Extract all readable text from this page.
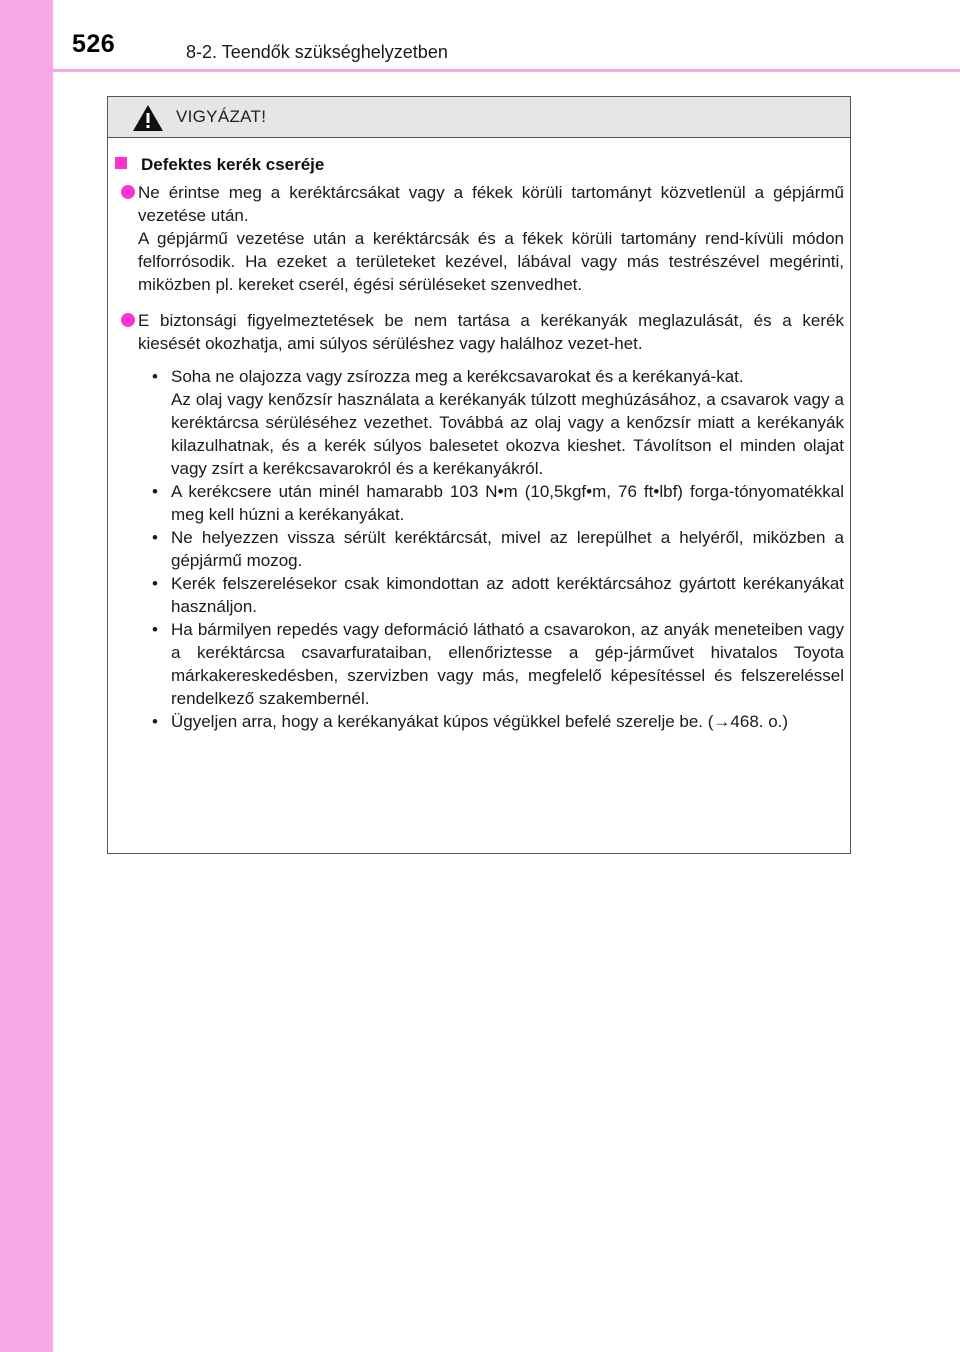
526	8-2. Teendők szükséghelyzetben
VIGYÁZAT!
Defektes kerék cseréje

Ne érintse meg a keréktárcsákat vagy a fékek körüli tartományt közvetlenül a gépjármű vezetése után.

A gépjármű vezetése után a keréktárcsák és a fékek körüli tartomány rend-kívüli módon felforrósodik. Ha ezeket a területeket kezével, lábával vagy más testrészével megérinti, miközben pl. kereket cserél, égési sérüléseket szenvedhet.

E biztonsági figyelmeztetések be nem tartása a kerékanyák meglazulását, és a kerék kiesését okozhatja, ami súlyos sérüléshez vagy halálhoz vezet-het.

• Soha ne olajozza vagy zsírozza meg a kerékcsavarokat és a kerékanyá-kat.

Az olaj vagy kenőzsír használata a kerékanyák túlzott meghúzásához, a csavarok vagy a keréktárcsa sérüléséhez vezethet. Továbbá az olaj vagy a kenőzsír miatt a kerékanyák kilazulhatnak, és a kerék súlyos balesetet okozva kieshet. Távolítson el minden olajat vagy zsírt a kerékcsavarokról és a kerékanyákról.

• A kerékcsere után minél hamarabb 103 N•m (10,5kgf•m, 76 ft•lbf) forga-tónyomatékkal meg kell húzni a kerékanyákat.

• Ne helyezzen vissza sérült keréktárcsát, mivel az lerepülhet a helyéről, miközben a gépjármű mozog.

• Kerék felszerelésekor csak kimondottan az adott keréktárcsához gyártott kerékanyákat használjon.

• Ha bármilyen repedés vagy deformáció látható a csavarokon, az anyák meneteiben vagy a keréktárcsa csavarfurataiban, ellenőriztesse a gép-járművet hivatalos Toyota márkakereskedésben, szervizben vagy más, megfelelő képesítéssel és felszereléssel rendelkező szakembernél.

• Ügyeljen arra, hogy a kerékanyákat kúpos végükkel befelé szerelje be. (→468. o.)
